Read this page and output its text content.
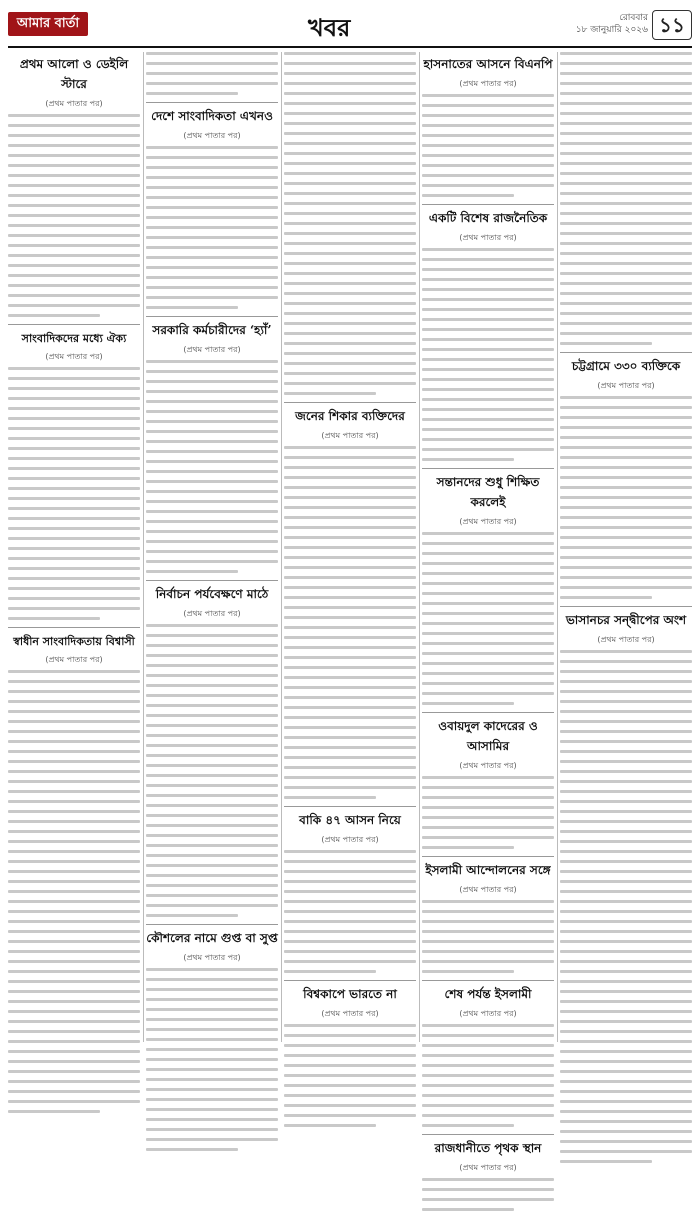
আমার বার্তা	খবর	রোববার
১৮ জানুয়ারি ২০২৬ ১১
প্রথম আলো ও ডেইলি স্টারে
(প্রথম পাতার পর)
সাংবাদিকদের মধ্যে ঐক্য
(প্রথম পাতার পর)
স্বাধীন সাংবাদিকতায় বিশ্বাসী
(প্রথম পাতার পর)
দেশে সাংবাদিকতা এখনও
(প্রথম পাতার পর)
সরকারি কর্মচারীদের ‘হ্যাঁ’
(প্রথম পাতার পর)
নির্বাচন পর্যবেক্ষণে মাঠে
(প্রথম পাতার পর)
কৌশলের নামে গুপ্ত বা সুপ্ত
(প্রথম পাতার পর)
জনের শিকার ব্যক্তিদের
(প্রথম পাতার পর)
বাকি ৪৭ আসন নিয়ে
(প্রথম পাতার পর)
বিশ্বকাপে ভারতে না
(প্রথম পাতার পর)
হাসনাতের আসনে বিএনপি
(প্রথম পাতার পর)
একটি বিশেষ রাজনৈতিক
(প্রথম পাতার পর)
সন্তানদের শুধু শিক্ষিত করলেই
(প্রথম পাতার পর)
ওবায়দুল কাদেরের ও আসামির
(প্রথম পাতার পর)
ইসলামী আন্দোলনের সঙ্গে
(প্রথম পাতার পর)
শেষ পর্যন্ত ইসলামী
(প্রথম পাতার পর)
রাজধানীতে পৃথক স্থান
(প্রথম পাতার পর)
চট্টগ্রামে ৩৩০ ব্যক্তিকে
(প্রথম পাতার পর)
ভাসানচর সন্দ্বীপের অংশ
(প্রথম পাতার পর)
